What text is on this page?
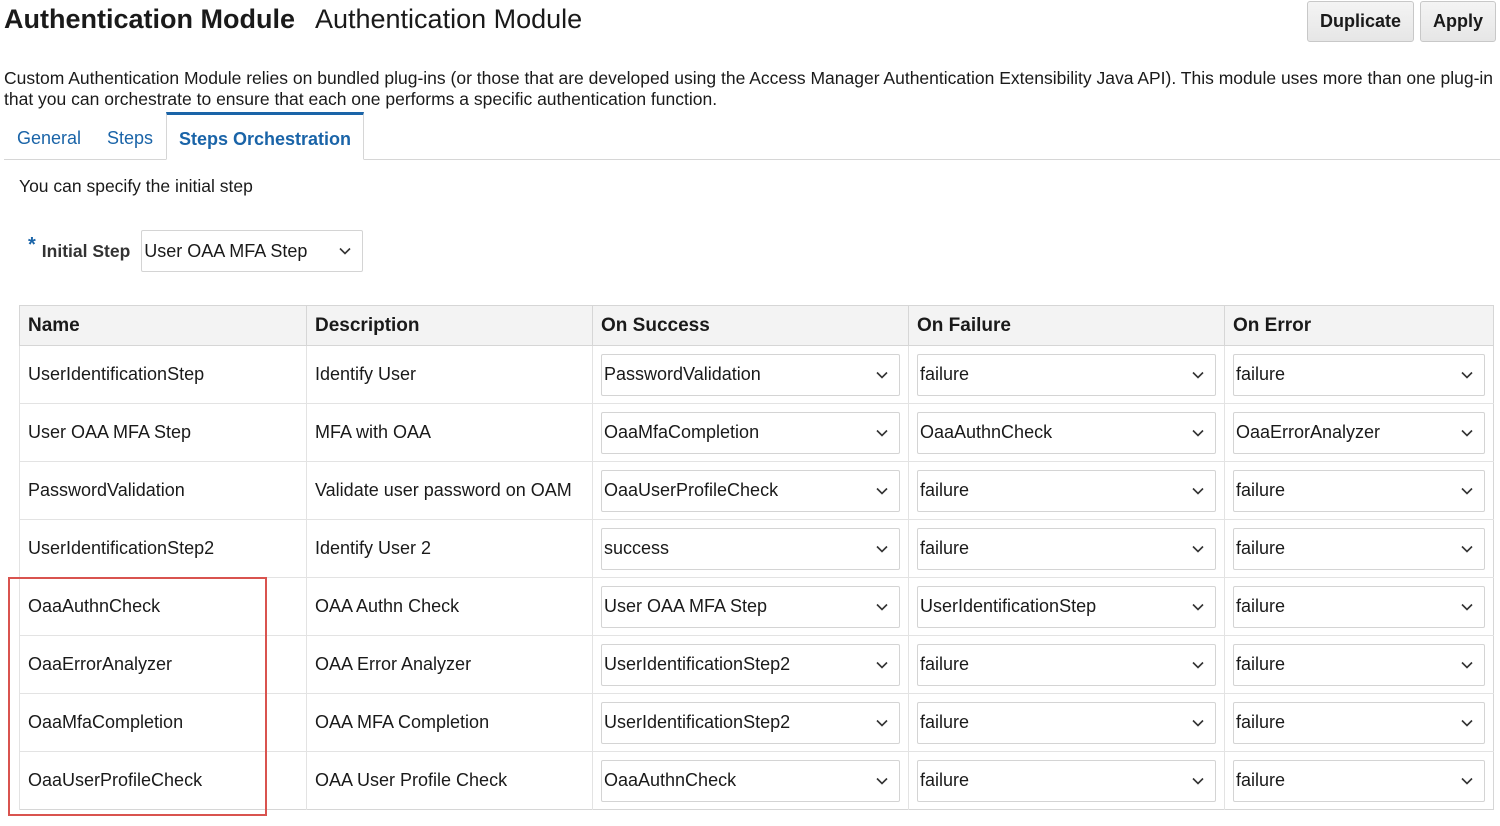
Authentication Module Authentication Module	Duplicate	Apply
Custom Authentication Module relies on bundled plug-ins (or those that are developed using the Access Manager Authentication Extensibility Java API). This module uses more than one plug-in that you can orchestrate to ensure that each one performs a specific authentication function.
General Steps	Steps Orchestration
You can specify the initial step
* Initial Step User OAA MFA Step
Name	Description	On Success	On Failure	On Error
UserIdentificationStep	Identify User	PasswordValidation	failure	failure

User OAA MFA Step	MFA with OAA	OaaMfaCompletion	OaaAuthnCheck	OaaErrorAnalyzer

PasswordValidation	Validate user password on OAM	OaaUserProfileCheck	failure	failure

UserIdentificationStep2	Identify User 2	success	failure	failure

OaaAuthnCheck	OAA Authn Check	User OAA MFA Step	UserIdentificationStep	failure

OaaErrorAnalyzer	OAA Error Analyzer	UserIdentificationStep2	failure	failure

OaaMfaCompletion	OAA MFA Completion	UserIdentificationStep2	failure	failure

OaaUserProfileCheck	OAA User Profile Check	OaaAuthnCheck	failure	failure
